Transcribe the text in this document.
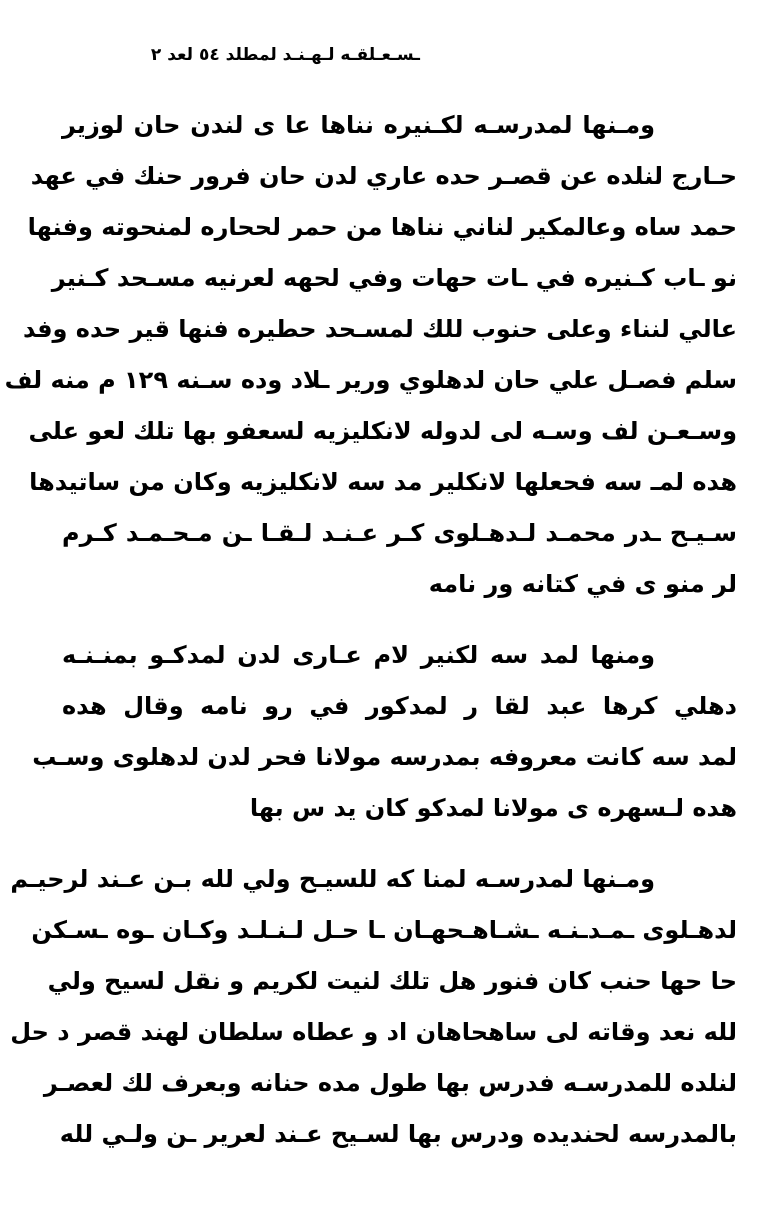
ـسـعـلقـه لـهـنـد لمطلد ٥٤ لعد ٢

ومـنها لمدرسـه لكـنيره نناها عا ى لندن حان لوزير
حـارج لنلده عن قصـر حده عاري لدن حان فرور حنك في عهد
حمد ساه وعالمكير لناني نناها من حمر لححاره لمنحوته وفنها
نو ـاب كـنيره في ـات حهات وفي لحهه لعرنيه مسـحد كـنير
عالي لنناء وعلى حنوب للك لمسـحد حطيره فنها قير حده وفد
سلم فصـل علي حان لدهلوي ورير ـلاد وده سـنه ١٢٩ م منه لف
وسـعـن لف وسـه لى لدوله لانكليزيه لسعفو بها تلك لعو علی
هده لمـ سه فحعلها لانكلير مد سه لانكليزيه وكان من ساتيدها
سـيـح ـدر محمـد لـدهـلوی كـر عـنـد لـقـا ـن مـحـمـد كـرم
لر منو ى في كتانه ور نامه

ومنها لمد سه لكنير لام عـارى لدن لمدكـو بمنـنـه
دهلي كرها عبد لقا ر لمدكور في رو نامه وقال هده
لمد سه كانت معروفه بمدرسه مولانا فحر لدن لدهلوی وسـب
هده لـسهره ى مولانا لمدكو كان يد س بها

ومـنها لمدرسـه لمنا كه للسيـح ولي لله بـن عـند لرحيـم
لدهـلوی ـمـدـنـه ـشـاهـحهـان ـا حـل لـنـلـد وكـان ـوه ـسـكن
حا حها حنب كان فنور هل تلك لنيت لكريم و نقل لسيح ولي
لله نعد وقاته لى ساهحاهان اد و عطاه سلطان لهند قصر د حل
لنلده للمدرسـه فدرس بها طول مده حنانه وبعرف لك لعصـر
بالمدرسه لحنديده ودرس بها لسـيح عـند لعرير ـن ولـي لله
